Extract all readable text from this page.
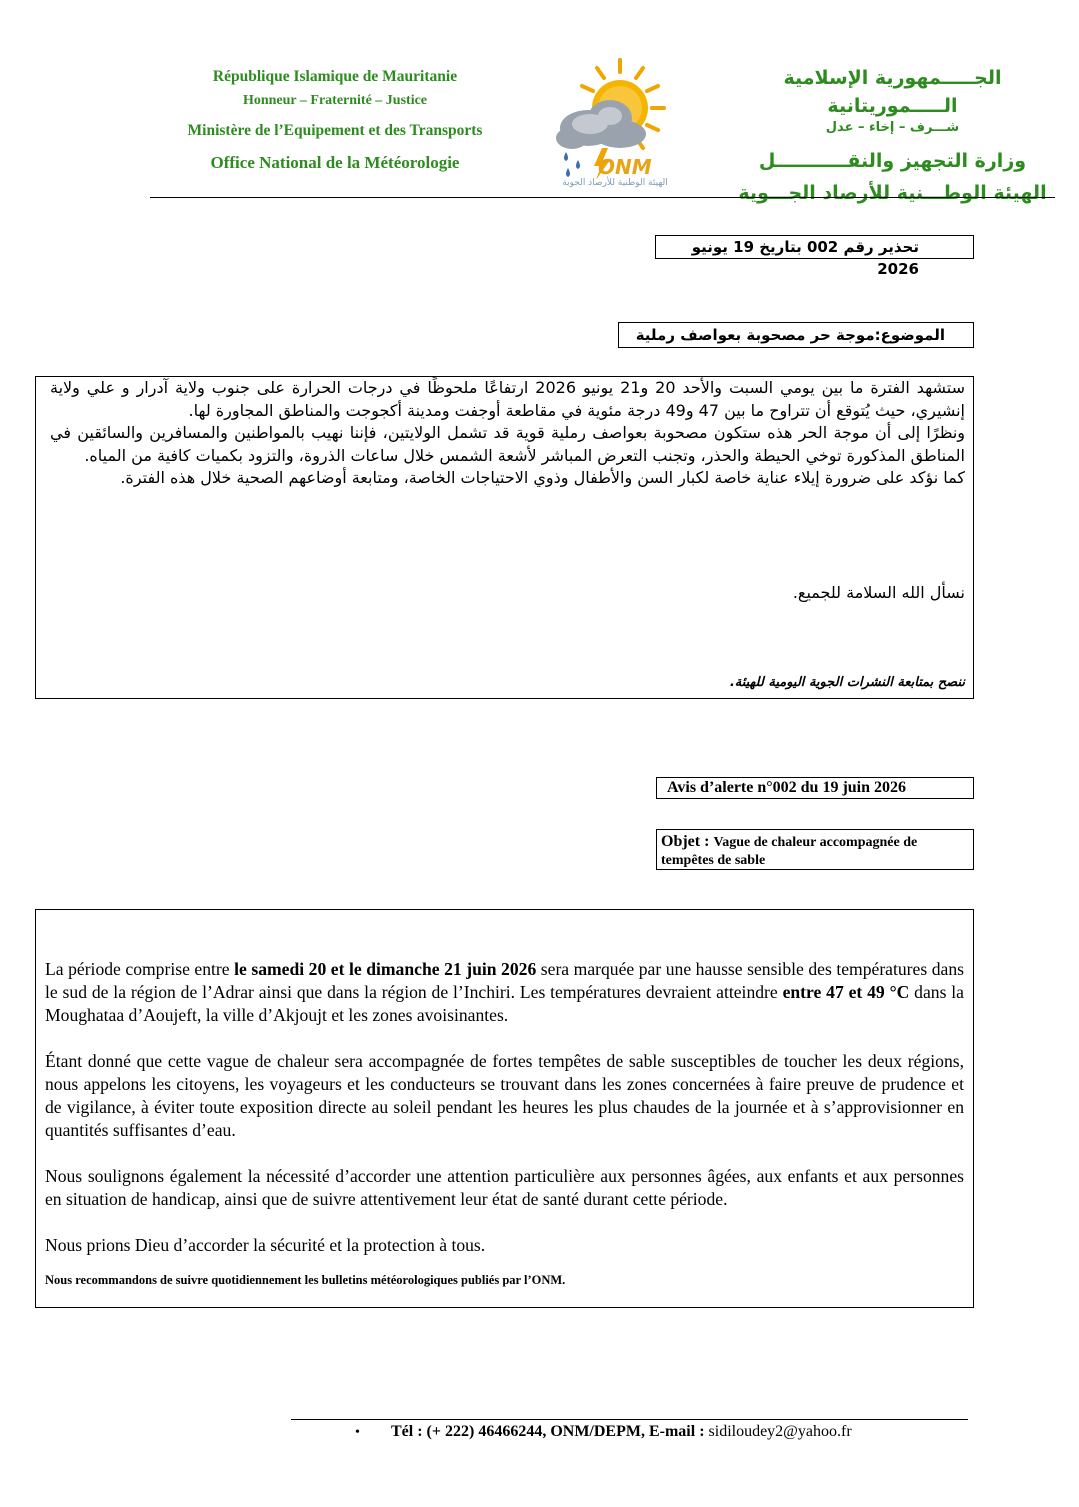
République Islamique de Mauritanie
Honneur – Fraternité – Justice
Ministère de l’Equipement et des Transports
Office National de la Météorologie	ONM
الهيئة الوطنية للأرصاد الجوية
الجـــــمهورية الإسلامية الـــــموريتانية
شـــرف – إخاء – عدل
وزارة التجهيز والنقـــــــــــل
الهيئة الوطـــنية للأرصاد الجـــوية
تحذير رقم 002 بتاريخ 19 يونيو 2026
الموضوع:موجة حر مصحوبة بعواصف رملية

ستشهد الفترة ما بين يومي السبت والأحد 20 و21 يونيو 2026 ارتفاعًا ملحوظًا في درجات الحرارة على جنوب ولاية آدرار و علي ولاية إنشيري، حيث يُتوقع أن تتراوح ما بين 47 و49 درجة مئوية في مقاطعة أوجفت ومدينة أكجوجت والمناطق المجاورة لها.

ونظرًا إلى أن موجة الحر هذه ستكون مصحوبة بعواصف رملية قوية قد تشمل الولايتين، فإننا نهيب بالمواطنين والمسافرين والسائقين في المناطق المذكورة توخي الحيطة والحذر، وتجنب التعرض المباشر لأشعة الشمس خلال ساعات الذروة، والتزود بكميات كافية من المياه.

كما نؤكد على ضرورة إيلاء عناية خاصة لكبار السن والأطفال وذوي الاحتياجات الخاصة، ومتابعة أوضاعهم الصحية خلال هذه الفترة.

نسأل الله السلامة للجميع.
ننصح بمتابعة النشرات الجوية اليومية للهيئة.
Avis d’alerte n°002 du 19 juin 2026
Objet : Vague de chaleur accompagnée de tempêtes de sable

La période comprise entre le samedi 20 et le dimanche 21 juin 2026 sera marquée par une hausse sensible des températures dans le sud de la région de l’Adrar ainsi que dans la région de l’Inchiri. Les températures devraient atteindre entre 47 et 49 °C dans la Moughataa d’Aoujeft, la ville d’Akjoujt et les zones avoisinantes.

Étant donné que cette vague de chaleur sera accompagnée de fortes tempêtes de sable susceptibles de toucher les deux régions, nous appelons les citoyens, les voyageurs et les conducteurs se trouvant dans les zones concernées à faire preuve de prudence et de vigilance, à éviter toute exposition directe au soleil pendant les heures les plus chaudes de la journée et à s’approvisionner en quantités suffisantes d’eau.

Nous soulignons également la nécessité d’accorder une attention particulière aux personnes âgées, aux enfants et aux personnes en situation de handicap, ainsi que de suivre attentivement leur état de santé durant cette période.

Nous prions Dieu d’accorder la sécurité et la protection à tous.

Nous recommandons de suivre quotidiennement les bulletins météorologiques publiés par l’ONM.
• Tél : (+ 222) 46466244, ONM/DEPM, E-mail : sidiloudey2@yahoo.fr
